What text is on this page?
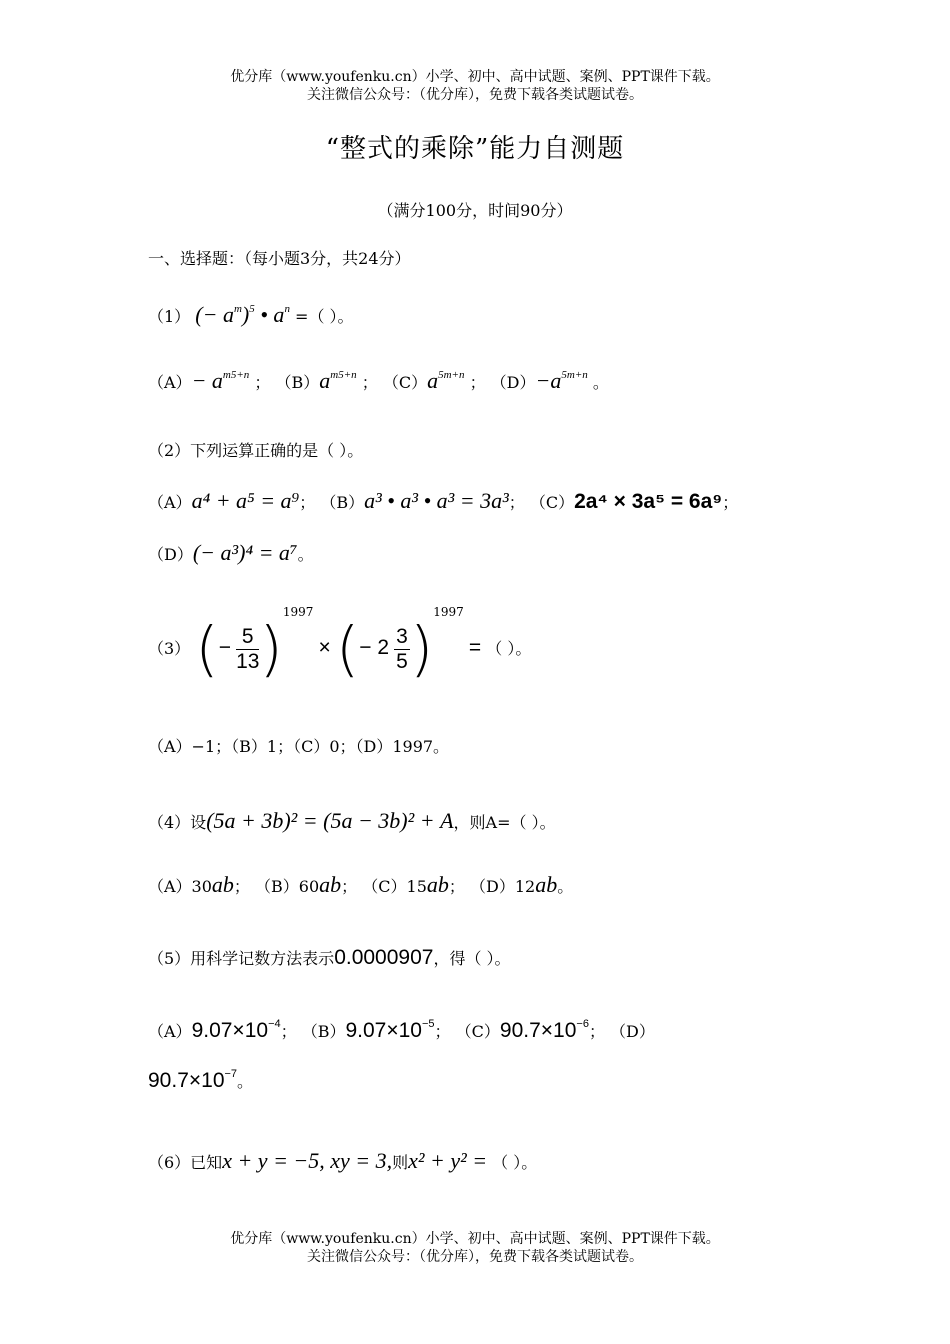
优分库（www.youfenku.cn）小学、初中、高中试题、案例、PPT课件下载。
关注微信公众号：（优分库），免费下载各类试题试卷。
“整式的乘除”能力自测题
（满分100分，时间90分）
一、选择题：（每小题3分，共24分）
（1） (− $a^m)^5$ • $a^n$ =（ ）。
$(A)- a^{m5+n}$ ； $(B)a^{m5+n}$ ； $(C)a^{5m+n}$ ； $(D)-a^{5m+n}$ 。
（2）下列运算正确的是（ ）。
（A）a⁴ + a⁵ = a⁹； （B）a³ • a³ • a³ = 3a³； （C）2a⁴ × 3a⁵ = 6a⁹；
（D）(− a³)⁴ = a⁷。
（3） (− $\frac{5}{13} )^{1997}$ × (− $2 \frac{3}{5} )^{1997}$ = （ ）。
（A）−1；（B）1；（C）0；（D）1997。
（4）设(5a + 3b)² = (5a − 3b)² + A，则A=（ ）。
（A）30ab； （B）60ab； （C）15ab； （D）12ab。
（5）用科学记数方法表示0.0000907，得（ ）。
$(A)9.07\times 10^{-4}$； $(B)9.07\times 10^{-5}$； $(C)90.7\times 10^{-6}$； （D）
$90.7\times 10^{-7}$。
（6）已知x + y = −5, xy = 3,则x² + y² = （ ）。
优分库（www.youfenku.cn）小学、初中、高中试题、案例、PPT课件下载。
关注微信公众号：（优分库），免费下载各类试题试卷。
